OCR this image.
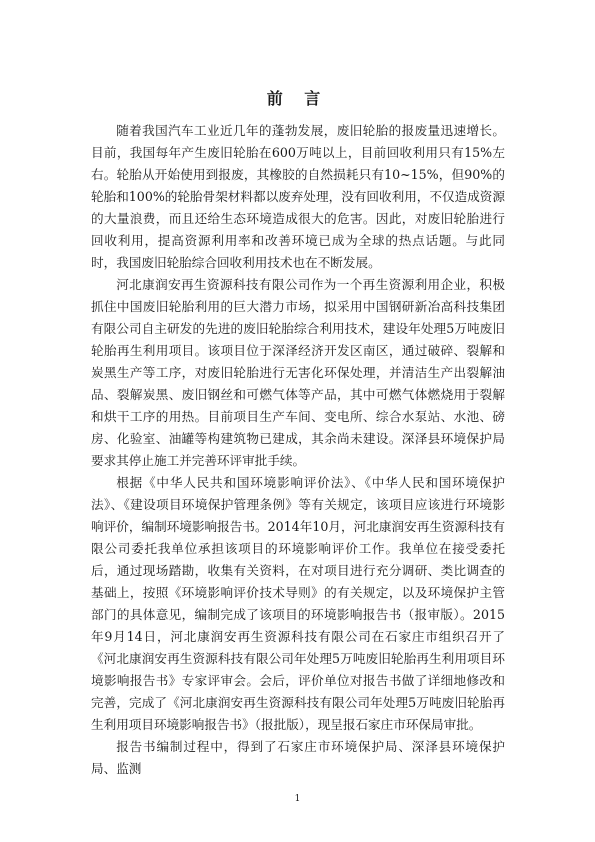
前 言

随着我国汽车工业近几年的蓬勃发展，废旧轮胎的报废量迅速增长。目前，我国每年产生废旧轮胎在600万吨以上，目前回收利用只有15%左右。轮胎从开始使用到报废，其橡胶的自然损耗只有10~15%，但90%的轮胎和100%的轮胎骨架材料都以废弃处理，没有回收利用，不仅造成资源的大量浪费，而且还给生态环境造成很大的危害。因此，对废旧轮胎进行回收利用，提高资源利用率和改善环境已成为全球的热点话题。与此同时，我国废旧轮胎综合回收利用技术也在不断发展。

河北康润安再生资源科技有限公司作为一个再生资源利用企业，积极抓住中国废旧轮胎利用的巨大潜力市场，拟采用中国钢研新冶高科技集团有限公司自主研发的先进的废旧轮胎综合利用技术，建设年处理5万吨废旧轮胎再生利用项目。该项目位于深泽经济开发区南区，通过破碎、裂解和炭黑生产等工序，对废旧轮胎进行无害化环保处理，并清洁生产出裂解油品、裂解炭黑、废旧钢丝和可燃气体等产品，其中可燃气体燃烧用于裂解和烘干工序的用热。目前项目生产车间、变电所、综合水泵站、水池、磅房、化验室、油罐等构建筑物已建成，其余尚未建设。深泽县环境保护局要求其停止施工并完善环评审批手续。

根据《中华人民共和国环境影响评价法》、《中华人民和国环境保护法》、《建设项目环境保护管理条例》等有关规定，该项目应该进行环境影响评价，编制环境影响报告书。2014年10月，河北康润安再生资源科技有限公司委托我单位承担该项目的环境影响评价工作。我单位在接受委托后，通过现场踏勘，收集有关资料，在对项目进行充分调研、类比调查的基础上，按照《环境影响评价技术导则》的有关规定，以及环境保护主管部门的具体意见，编制完成了该项目的环境影响报告书（报审版）。2015年9月14日，河北康润安再生资源科技有限公司在石家庄市组织召开了《河北康润安再生资源科技有限公司年处理5万吨废旧轮胎再生利用项目环境影响报告书》专家评审会。会后，评价单位对报告书做了详细地修改和完善，完成了《河北康润安再生资源科技有限公司年处理5万吨废旧轮胎再生利用项目环境影响报告书》（报批版），现呈报石家庄市环保局审批。

报告书编制过程中，得到了石家庄市环境保护局、深泽县环境保护局、监测

1
